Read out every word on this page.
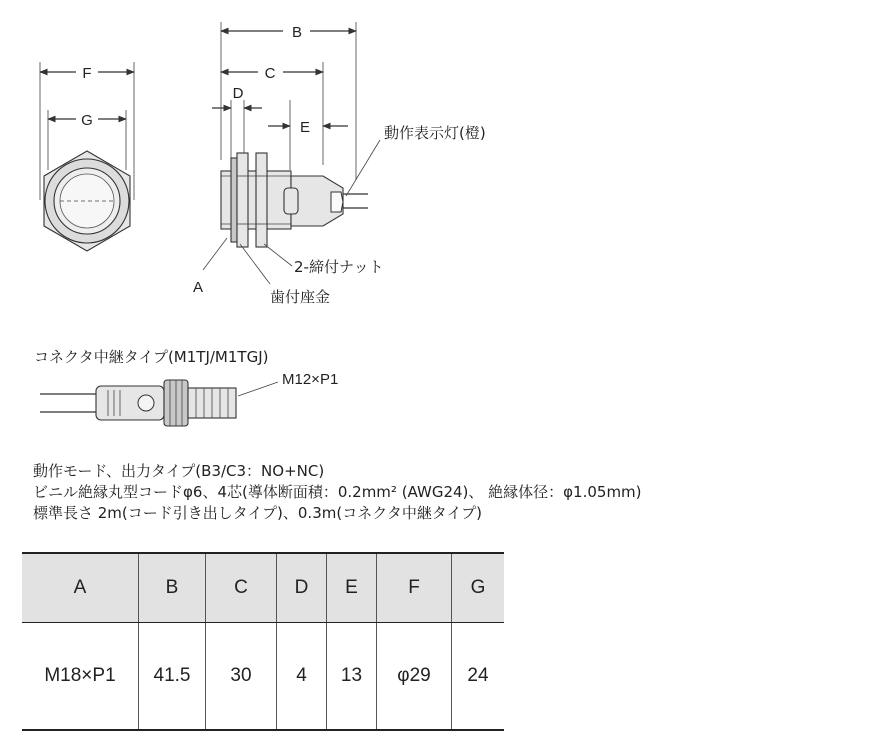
F
G
B
C
D
E	動作表示灯(橙)
2-締付ナット
歯付座金
A
コネクタ中継タイプ(M1TJ/M1TGJ)
M12×P1
動作モード、出力タイプ(B3/C3：NO+NC)
ビニル絶縁丸型コードφ6、4芯(導体断面積：0.2mm² (AWG24)、 絶縁体径：φ1.05mm)
標準長さ 2m(コード引き出しタイプ)、0.3m(コネクタ中継タイプ)
A	B	C	D	E	F	G
M18×P1	41.5	30	4	13	φ29	24
